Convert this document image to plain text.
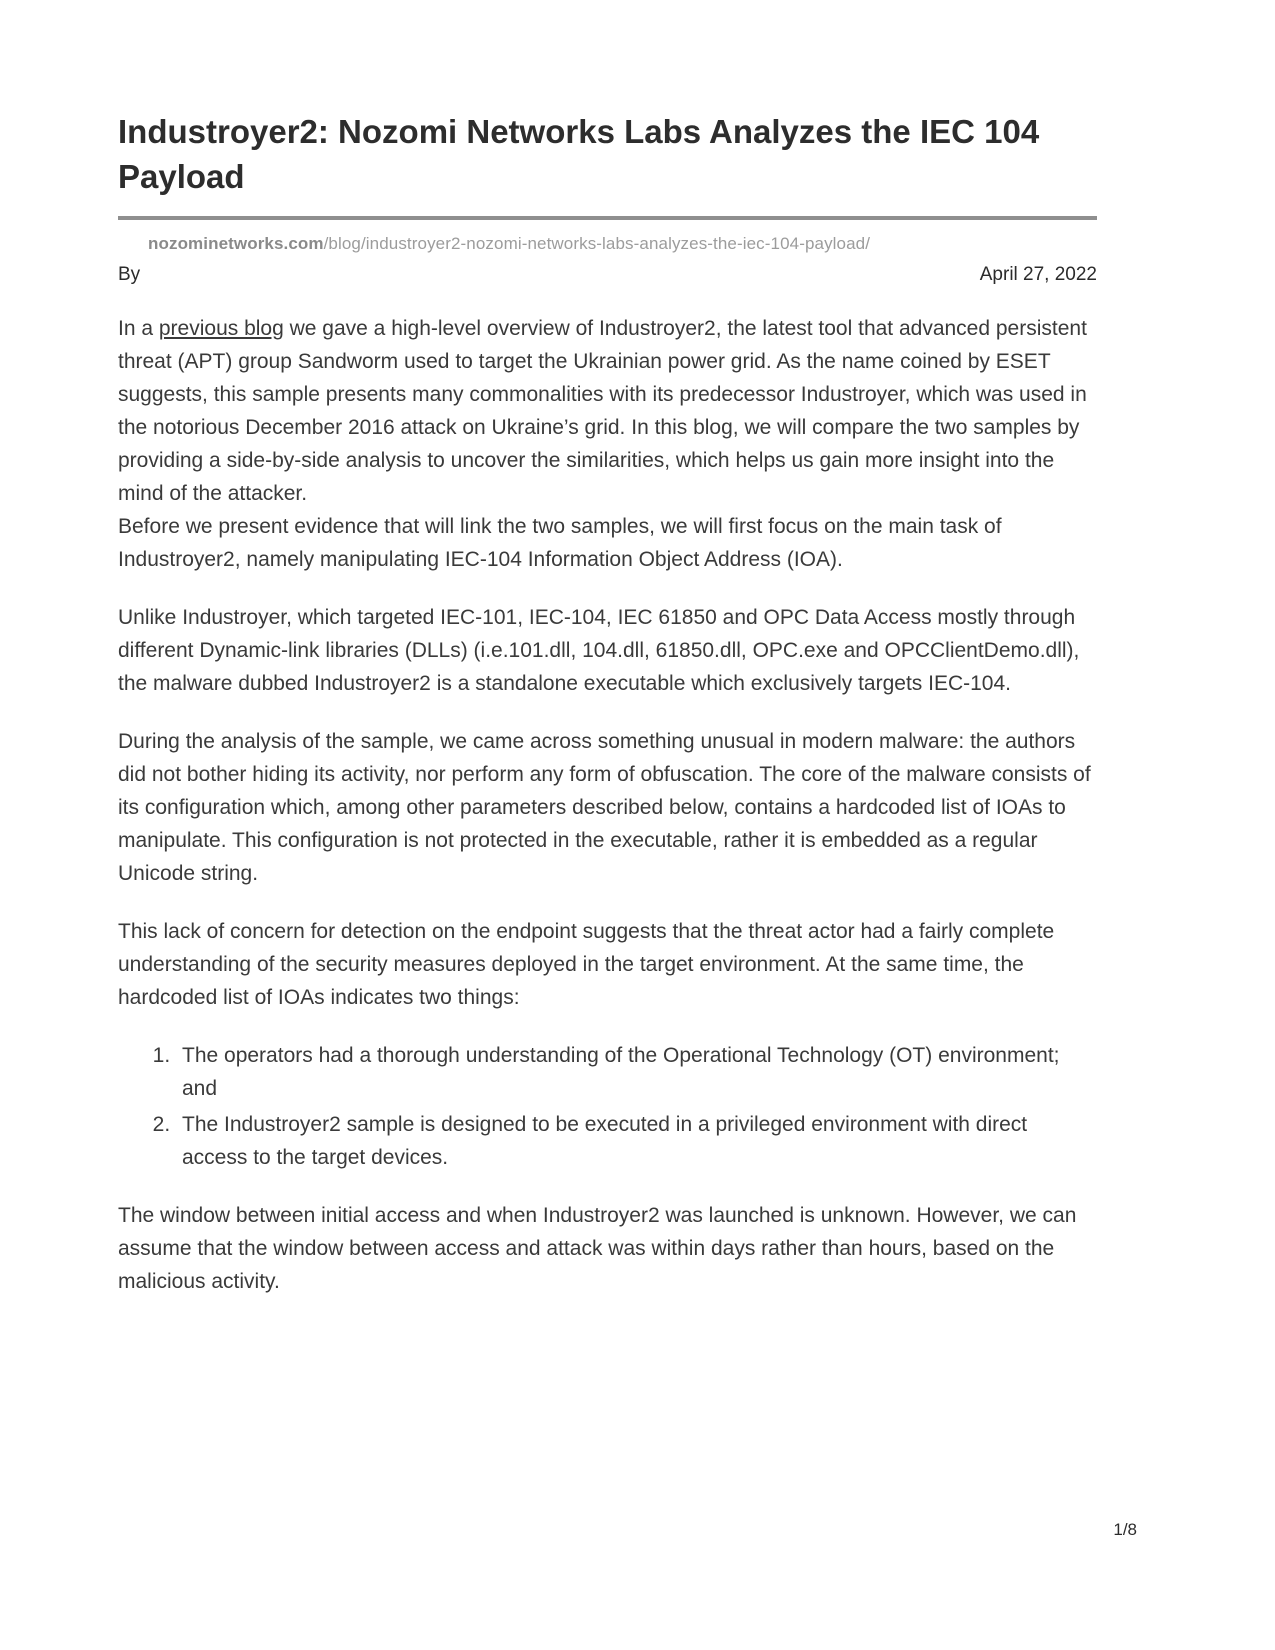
Industroyer2: Nozomi Networks Labs Analyzes the IEC 104 Payload
nozominetworks.com/blog/industroyer2-nozomi-networks-labs-analyzes-the-iec-104-payload/
By	April 27, 2022
In a previous blog we gave a high-level overview of Industroyer2, the latest tool that advanced persistent threat (APT) group Sandworm used to target the Ukrainian power grid. As the name coined by ESET suggests, this sample presents many commonalities with its predecessor Industroyer, which was used in the notorious December 2016 attack on Ukraine’s grid. In this blog, we will compare the two samples by providing a side-by-side analysis to uncover the similarities, which helps us gain more insight into the mind of the attacker.
Before we present evidence that will link the two samples, we will first focus on the main task of Industroyer2, namely manipulating IEC-104 Information Object Address (IOA).
Unlike Industroyer, which targeted IEC-101, IEC-104, IEC 61850 and OPC Data Access mostly through different Dynamic-link libraries (DLLs) (i.e.101.dll, 104.dll, 61850.dll, OPC.exe and OPCClientDemo.dll), the malware dubbed Industroyer2 is a standalone executable which exclusively targets IEC-104.
During the analysis of the sample, we came across something unusual in modern malware: the authors did not bother hiding its activity, nor perform any form of obfuscation. The core of the malware consists of its configuration which, among other parameters described below, contains a hardcoded list of IOAs to manipulate. This configuration is not protected in the executable, rather it is embedded as a regular Unicode string.
This lack of concern for detection on the endpoint suggests that the threat actor had a fairly complete understanding of the security measures deployed in the target environment. At the same time, the hardcoded list of IOAs indicates two things:
1. The operators had a thorough understanding of the Operational Technology (OT) environment; and
2. The Industroyer2 sample is designed to be executed in a privileged environment with direct access to the target devices.
The window between initial access and when Industroyer2 was launched is unknown. However, we can assume that the window between access and attack was within days rather than hours, based on the malicious activity.
1/8
